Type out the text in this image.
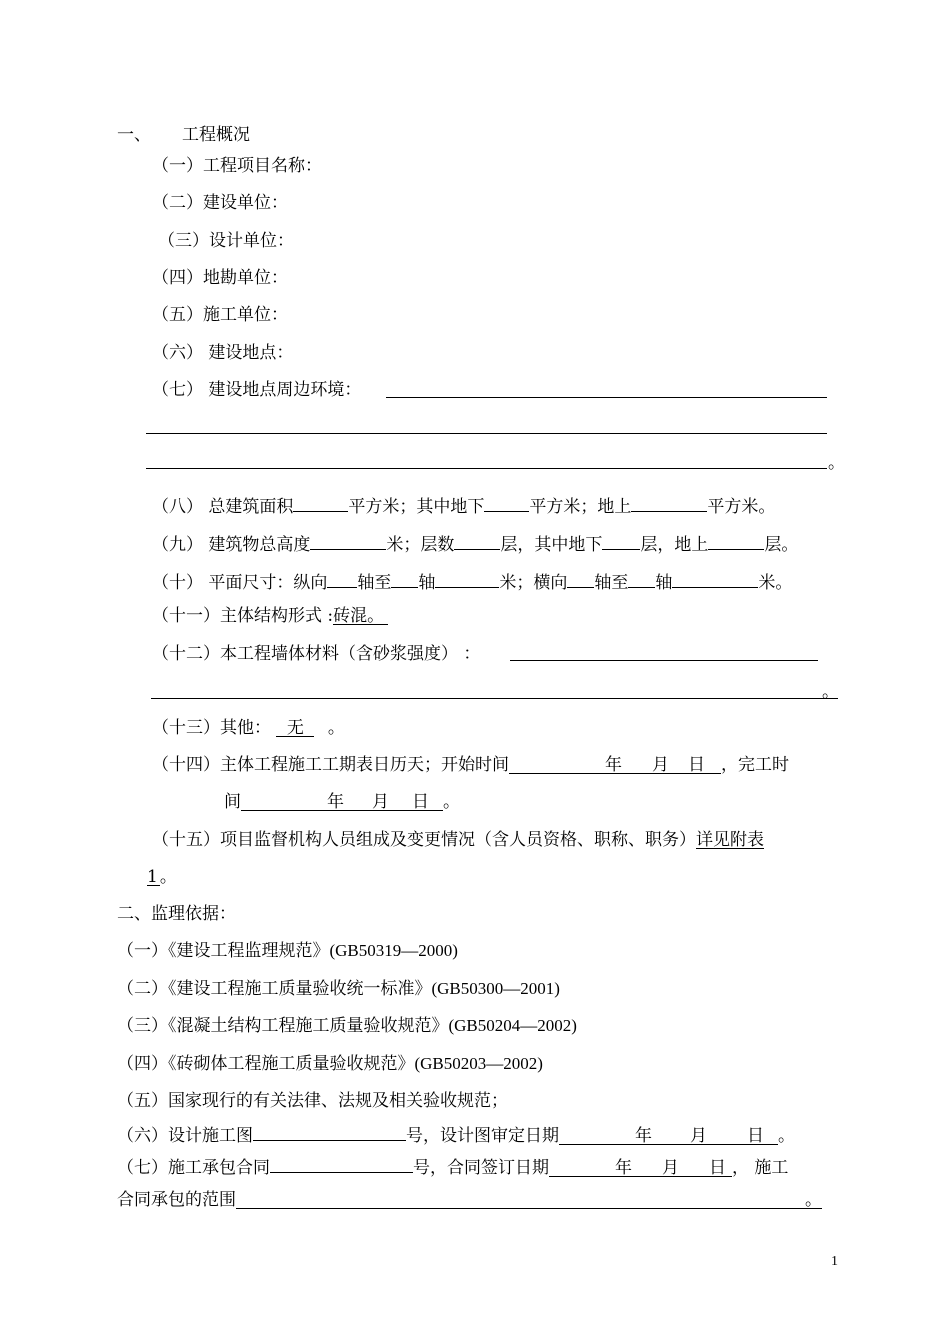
一、 工程概况
（一）工程项目名称：
（二）建设单位：
（三）设计单位：
（四）地勘单位：
（五）施工单位：
（六） 建设地点：
（七） 建设地点周边环境：
。
（八） 总建筑面积	平方米；其中地下	平方米；地上	平方米。
（九） 建筑物总高度	米；层数	层，其中地下 层，地上	层。
（十） 平面尺寸：纵向 轴至 轴	米；横向 轴至 轴	米。
（十一）主体结构形式 :砖混。
（十二）本工程墙体材料（含砂浆强度） ：
。
（十三）其他： 无 。
（十四）主体工程施工工期表日历天；开始时间	年 月 日 ，完工时
间	年 月 日 。
（十五）项目监督机构人员组成及变更情况（含人员资格、职称、职务）详见附表
1 。
二、监理依据：
（一）《建设工程监理规范》(GB50319—2000)
（二）《建设工程施工质量验收统一标准》(GB50300—2001)
（三）《混凝土结构工程施工质量验收规范》(GB50204—2002)
（四）《砖砌体工程施工质量验收规范》(GB50203—2002)
（五）国家现行的有关法律、法规及相关验收规范；
（六）设计施工图	号，设计图审定日期	年 月 日 。
（七）施工承包合同	号，合同签订日期	年 月 日 ， 施工
合同承包的范围	。
1
